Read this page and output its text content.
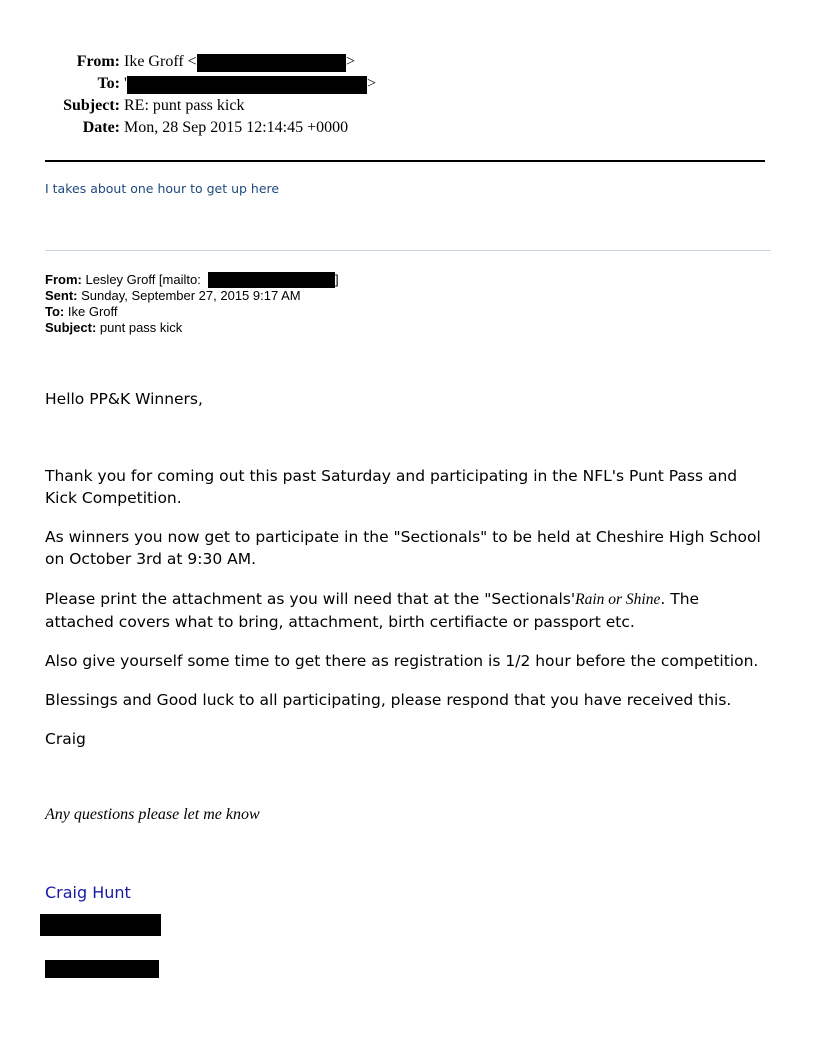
From: Ike Groff <	>
To: '	>
Subject: RE: punt pass kick
Date: Mon, 28 Sep 2015 12:14:45 +0000
I takes about one hour to get up here
From: Lesley Groff [mailto:	]
Sent: Sunday, September 27, 2015 9:17 AM
To: Ike Groff
Subject: punt pass kick
Hello PP&K Winners,
Thank you for coming out this past Saturday and participating in the NFL's Punt Pass and Kick Competition.
As winners you now get to participate in the "Sectionals" to be held at Cheshire High School on October 3rd at 9:30 AM.
Please print the attachment as you will need that at the "Sectionals'Rain or Shine. The attached covers what to bring, attachment, birth certifiacte or passport etc.
Also give yourself some time to get there as registration is 1/2 hour before the competition.
Blessings and Good luck to all participating, please respond that you have received this.
Craig
Any questions please let me know
Craig Hunt
